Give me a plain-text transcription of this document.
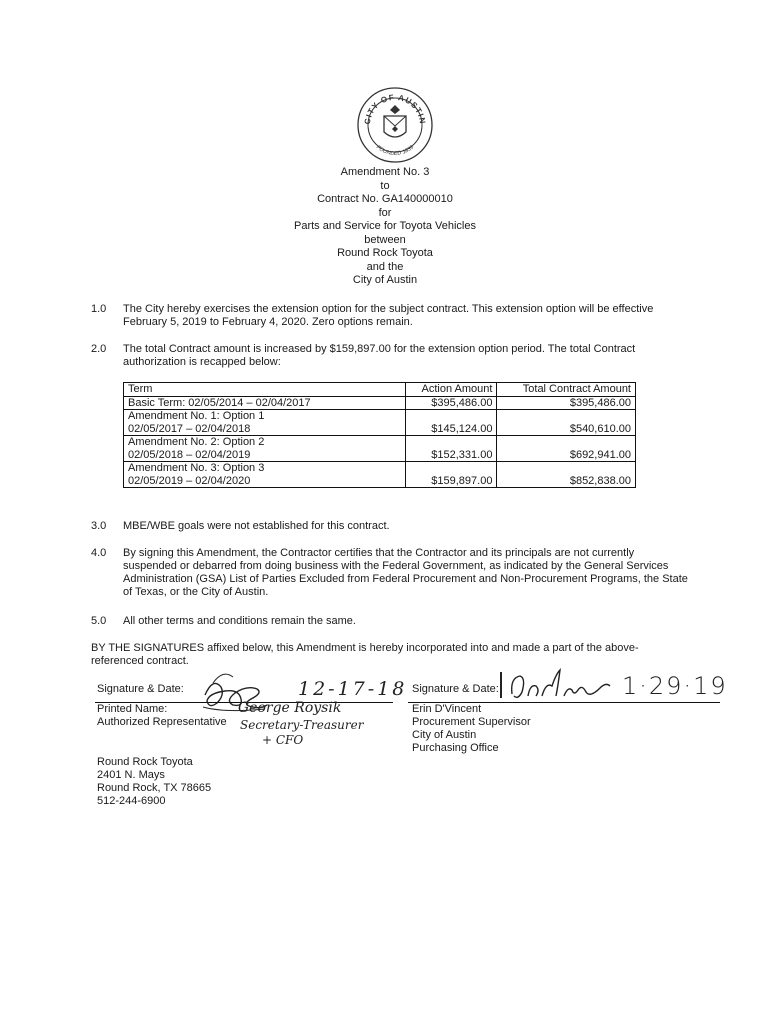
CITY OF AUSTIN
FOUNDED 1839
Amendment No. 3
to
Contract No. GA140000010
for
Parts and Service for Toyota Vehicles
between
Round Rock Toyota
and the
City of Austin
1.0	The City hereby exercises the extension option for the subject contract. This extension option will be effective February 5, 2019 to February 4, 2020. Zero options remain.
2.0	The total Contract amount is increased by $159,897.00 for the extension option period. The total Contract authorization is recapped below:
Term	Action Amount	Total Contract Amount
Basic Term: 02/05/2014 – 02/04/2017	$395,486.00	$395,486.00

Amendment No. 1: Option 1
02/05/2017 – 02/04/2018	$145,124.00	$540,610.00

Amendment No. 2: Option 2
02/05/2018 – 02/04/2019	$152,331.00	$692,941.00

Amendment No. 3: Option 3
02/05/2019 – 02/04/2020	$159,897.00	$852,838.00
3.0	MBE/WBE goals were not established for this contract.
4.0	By signing this Amendment, the Contractor certifies that the Contractor and its principals are not currently suspended or debarred from doing business with the Federal Government, as indicated by the General Services Administration (GSA) List of Parties Excluded from Federal Procurement and Non-Procurement Programs, the State of Texas, or the City of Austin.
5.0	All other terms and conditions remain the same.
BY THE SIGNATURES affixed below, this Amendment is hereby incorporated into and made a part of the above-referenced contract.
Signature & Date:	12-17-18
Printed Name:
Authorized Representative
George Roysik
Secretary-Treasurer
+ CFO
Signature & Date:	1·29·19
Erin D'Vincent
Procurement Supervisor
City of Austin
Purchasing Office
Round Rock Toyota
2401 N. Mays
Round Rock, TX 78665
512-244-6900
